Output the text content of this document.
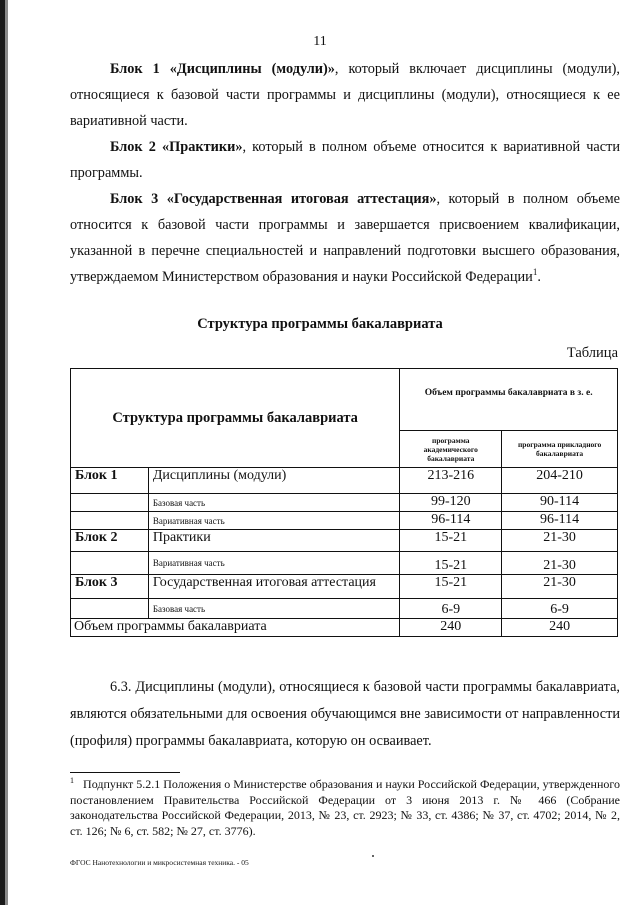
11
Блок 1 «Дисциплины (модули)», который включает дисциплины (модули), относящиеся к базовой части программы и дисциплины (модули), относящиеся к ее вариативной части.
Блок 2 «Практики», который в полном объеме относится к вариативной части программы.
Блок 3 «Государственная итоговая аттестация», который в полном объеме относится к базовой части программы и завершается присвоением квалификации, указанной в перечне специальностей и направлений подготовки высшего образования, утверждаемом Министерством образования и науки Российской Федерации$^1$.
Структура программы бакалавриата
Таблица
Структура программы бакалавриата		Объем программы бакалавриата в з. е.	
		программа академического бакалавриата	программа прикладного бакалавриата
Блок 1	Дисциплины (модули)	213-216	204-210
	Базовая часть	99-120	90-114
	Вариативная часть	96-114	96-114
Блок 2	Практики	15-21	21-30
	Вариативная часть	15-21	21-30
Блок 3	Государственная итоговая аттестация	15-21	21-30
	Базовая часть	6-9	6-9
Объем программы бакалавриата		240	240
6.3. Дисциплины (модули), относящиеся к базовой части программы бакалавриата, являются обязательными для освоения обучающимся вне зависимости от направленности (профиля) программы бакалавриата, которую он осваивает.
$^1$ Подпункт 5.2.1 Положения о Министерстве образования и науки Российской Федерации, утвержденного постановлением Правительства Российской Федерации от 3 июня 2013 г. № 466 (Собрание законодательства Российской Федерации, 2013, № 23, ст. 2923; № 33, ст. 4386; № 37, ст. 4702; 2014, № 2, ст. 126; № 6, ст. 582; № 27, ст. 3776).
ФГОС Нанотехнологии и микросистемная техника. - 05
